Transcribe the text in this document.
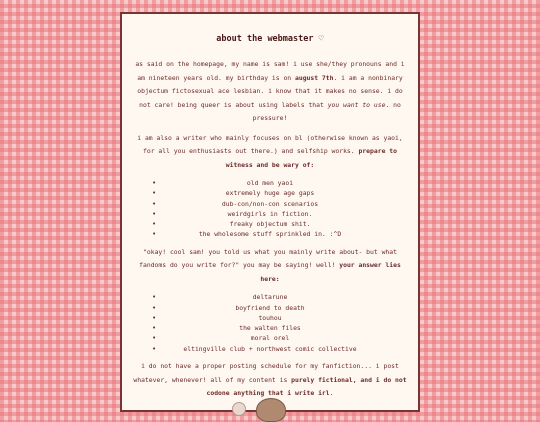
about the webmaster ♡

as said on the homepage, my name is sam! i use she/they pronouns and i am nineteen years old. my birthday is on august 7th. i am a nonbinary objectum fictosexual ace lesbian. i know that it makes no sense. i do not care! being queer is about using labels that you want to use. no pressure!

i am also a writer who mainly focuses on bl (otherwise known as yaoi, for all you enthusiasts out there.) and selfship works. prepare to witness and be wary of:

• old men yaoi
• extremely huge age gaps
• dub-con/non-con scenarios
• weirdgirls in fiction.
• freaky objectum shit.
• the wholesome stuff sprinkled in. :^D

"okay! cool sam! you told us what you mainly write about- but what fandoms do you write for?" you may be saying! well! your answer lies here:

• deltarune
• boyfriend to death
• touhou
• the walten files
• moral orel
• eltingville club + northwest comic collective

i do not have a proper posting schedule for my fanfiction... i post whatever, whenever! all of my content is purely fictional, and i do not codone anything that i write irl.
